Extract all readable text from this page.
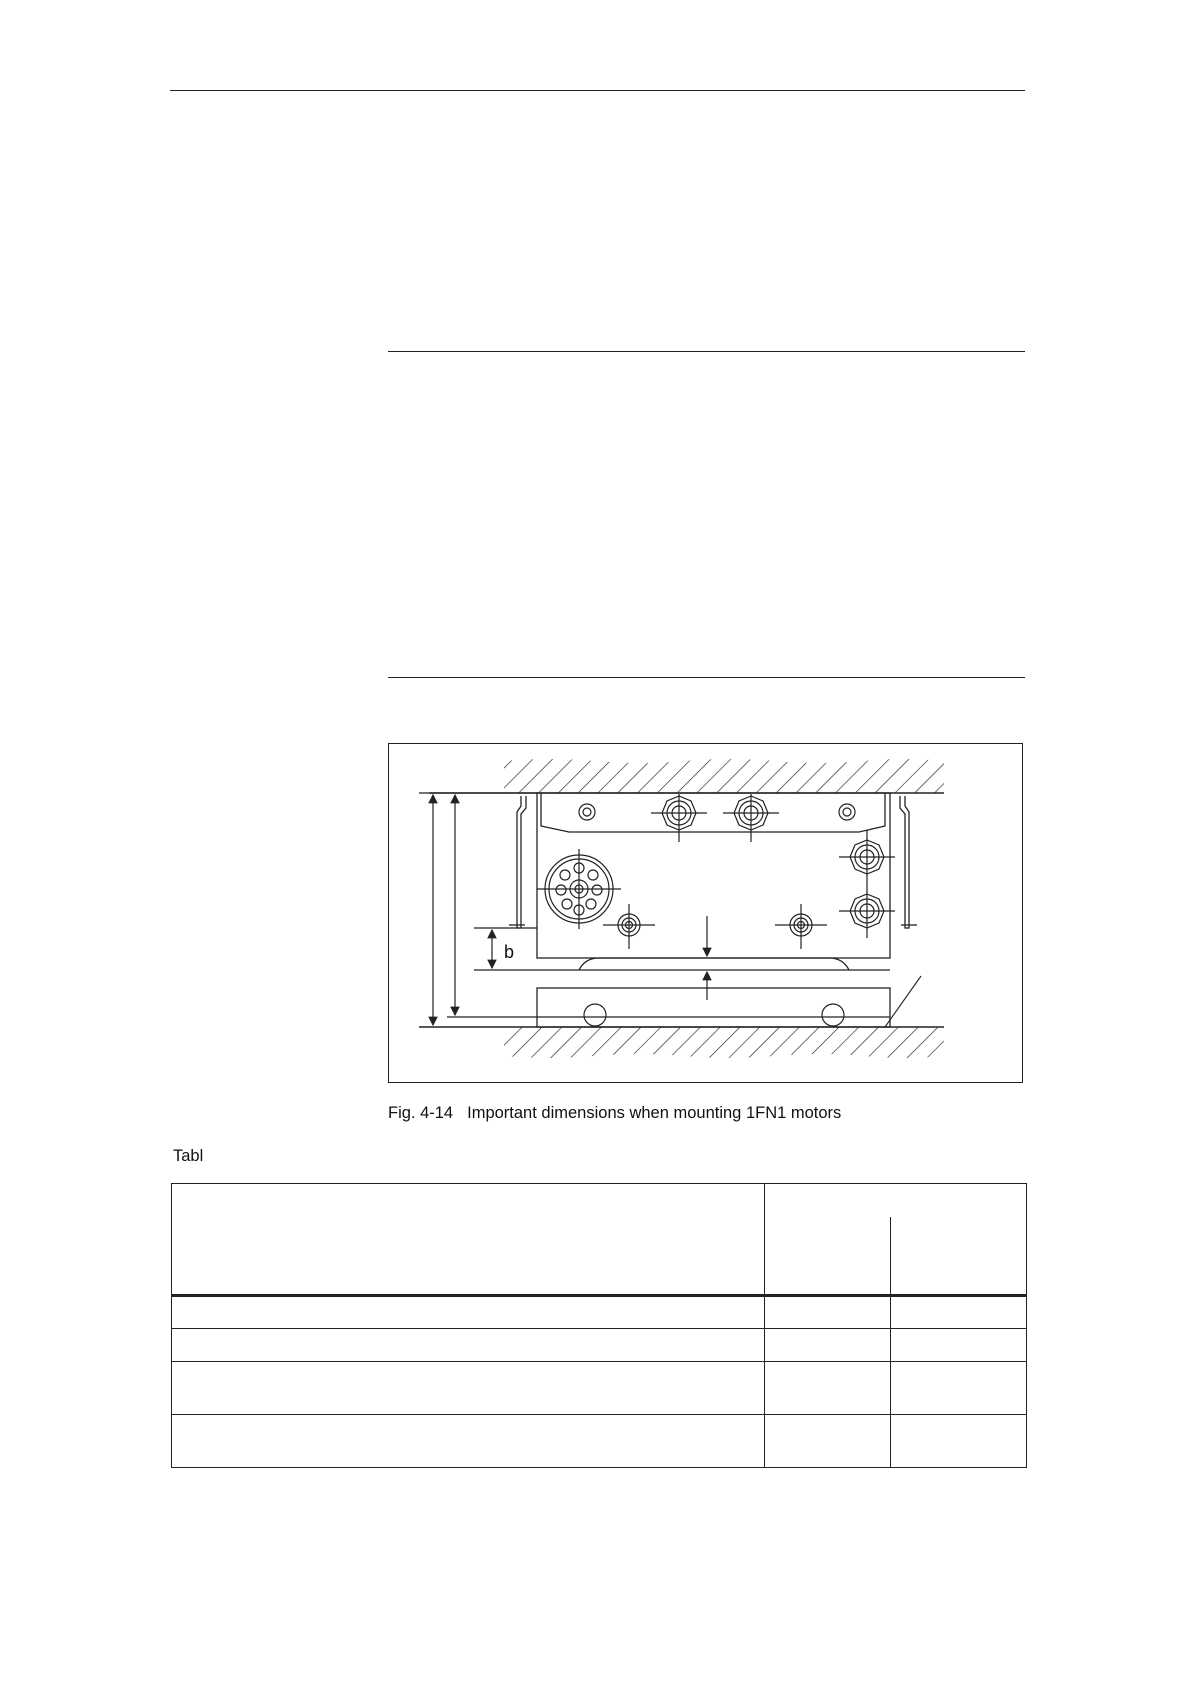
b
Fig. 4-14 Important dimensions when mounting 1FN1 motors
Tabl
